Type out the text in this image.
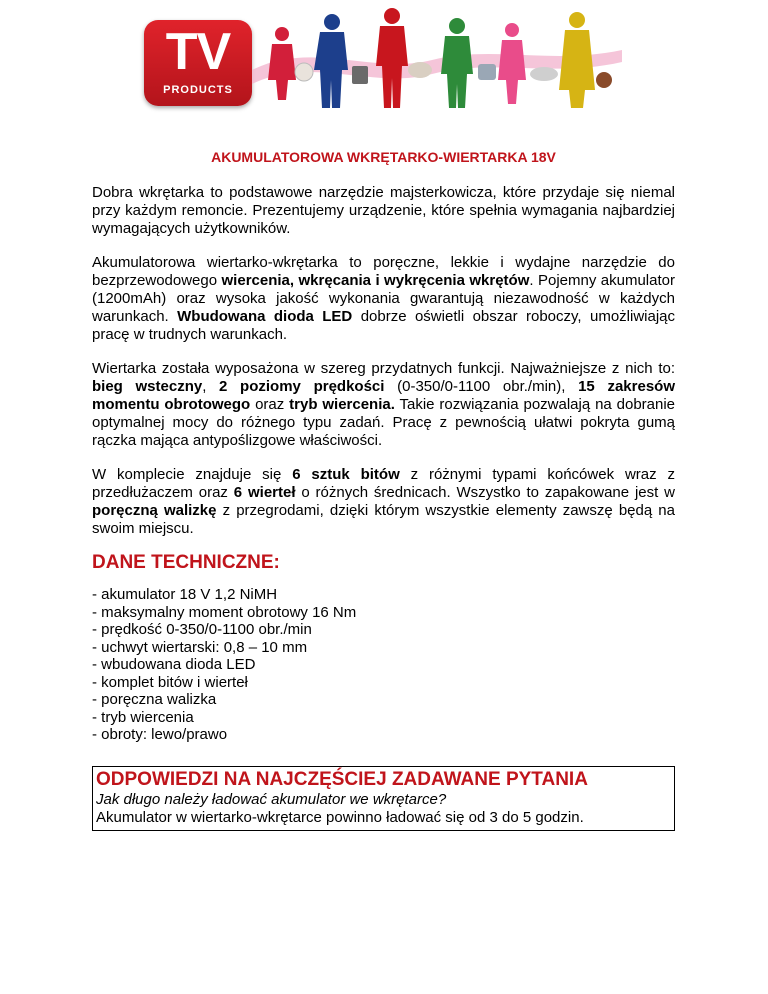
TV
PRODUCTS
AKUMULATOROWA WKRĘTARKO-WIERTARKA 18V

Dobra wkrętarka to podstawowe narzędzie majsterkowicza, które przydaje się niemal przy każdym remoncie. Prezentujemy urządzenie, które spełnia wymagania najbardziej wymagających użytkowników.

Akumulatorowa wiertarko-wkrętarka to poręczne, lekkie i wydajne narzędzie do bezprzewodowego wiercenia, wkręcania i wykręcenia wkrętów. Pojemny akumulator (1200mAh) oraz wysoka jakość wykonania gwarantują niezawodność w każdych warunkach. Wbudowana dioda LED dobrze oświetli obszar roboczy, umożliwiając pracę w trudnych warunkach.

Wiertarka została wyposażona w szereg przydatnych funkcji. Najważniejsze z nich to: bieg wsteczny, 2 poziomy prędkości (0-350/0-1100 obr./min), 15 zakresów momentu obrotowego oraz tryb wiercenia. Takie rozwiązania pozwalają na dobranie optymalnej mocy do różnego typu zadań. Pracę z pewnością ułatwi pokryta gumą rączka mająca antypoślizgowe właściwości.

W komplecie znajduje się 6 sztuk bitów z różnymi typami końcówek wraz z przedłużaczem oraz 6 wierteł o różnych średnicach. Wszystko to zapakowane jest w poręczną walizkę z przegrodami, dzięki którym wszystkie elementy zawszę będą na swoim miejscu.

DANE TECHNICZNE:
- akumulator 18 V 1,2 NiMH
- maksymalny moment obrotowy 16 Nm
- prędkość 0-350/0-1100 obr./min
- uchwyt wiertarski: 0,8 – 10 mm
- wbudowana dioda LED
- komplet bitów i wierteł
- poręczna walizka
- tryb wiercenia
- obroty: lewo/prawo
ODPOWIEDZI NA NAJCZĘŚCIEJ ZADAWANE PYTANIA
Jak długo należy ładować akumulator we wkrętarce?
Akumulator w wiertarko-wkrętarce powinno ładować się od 3 do 5 godzin.
